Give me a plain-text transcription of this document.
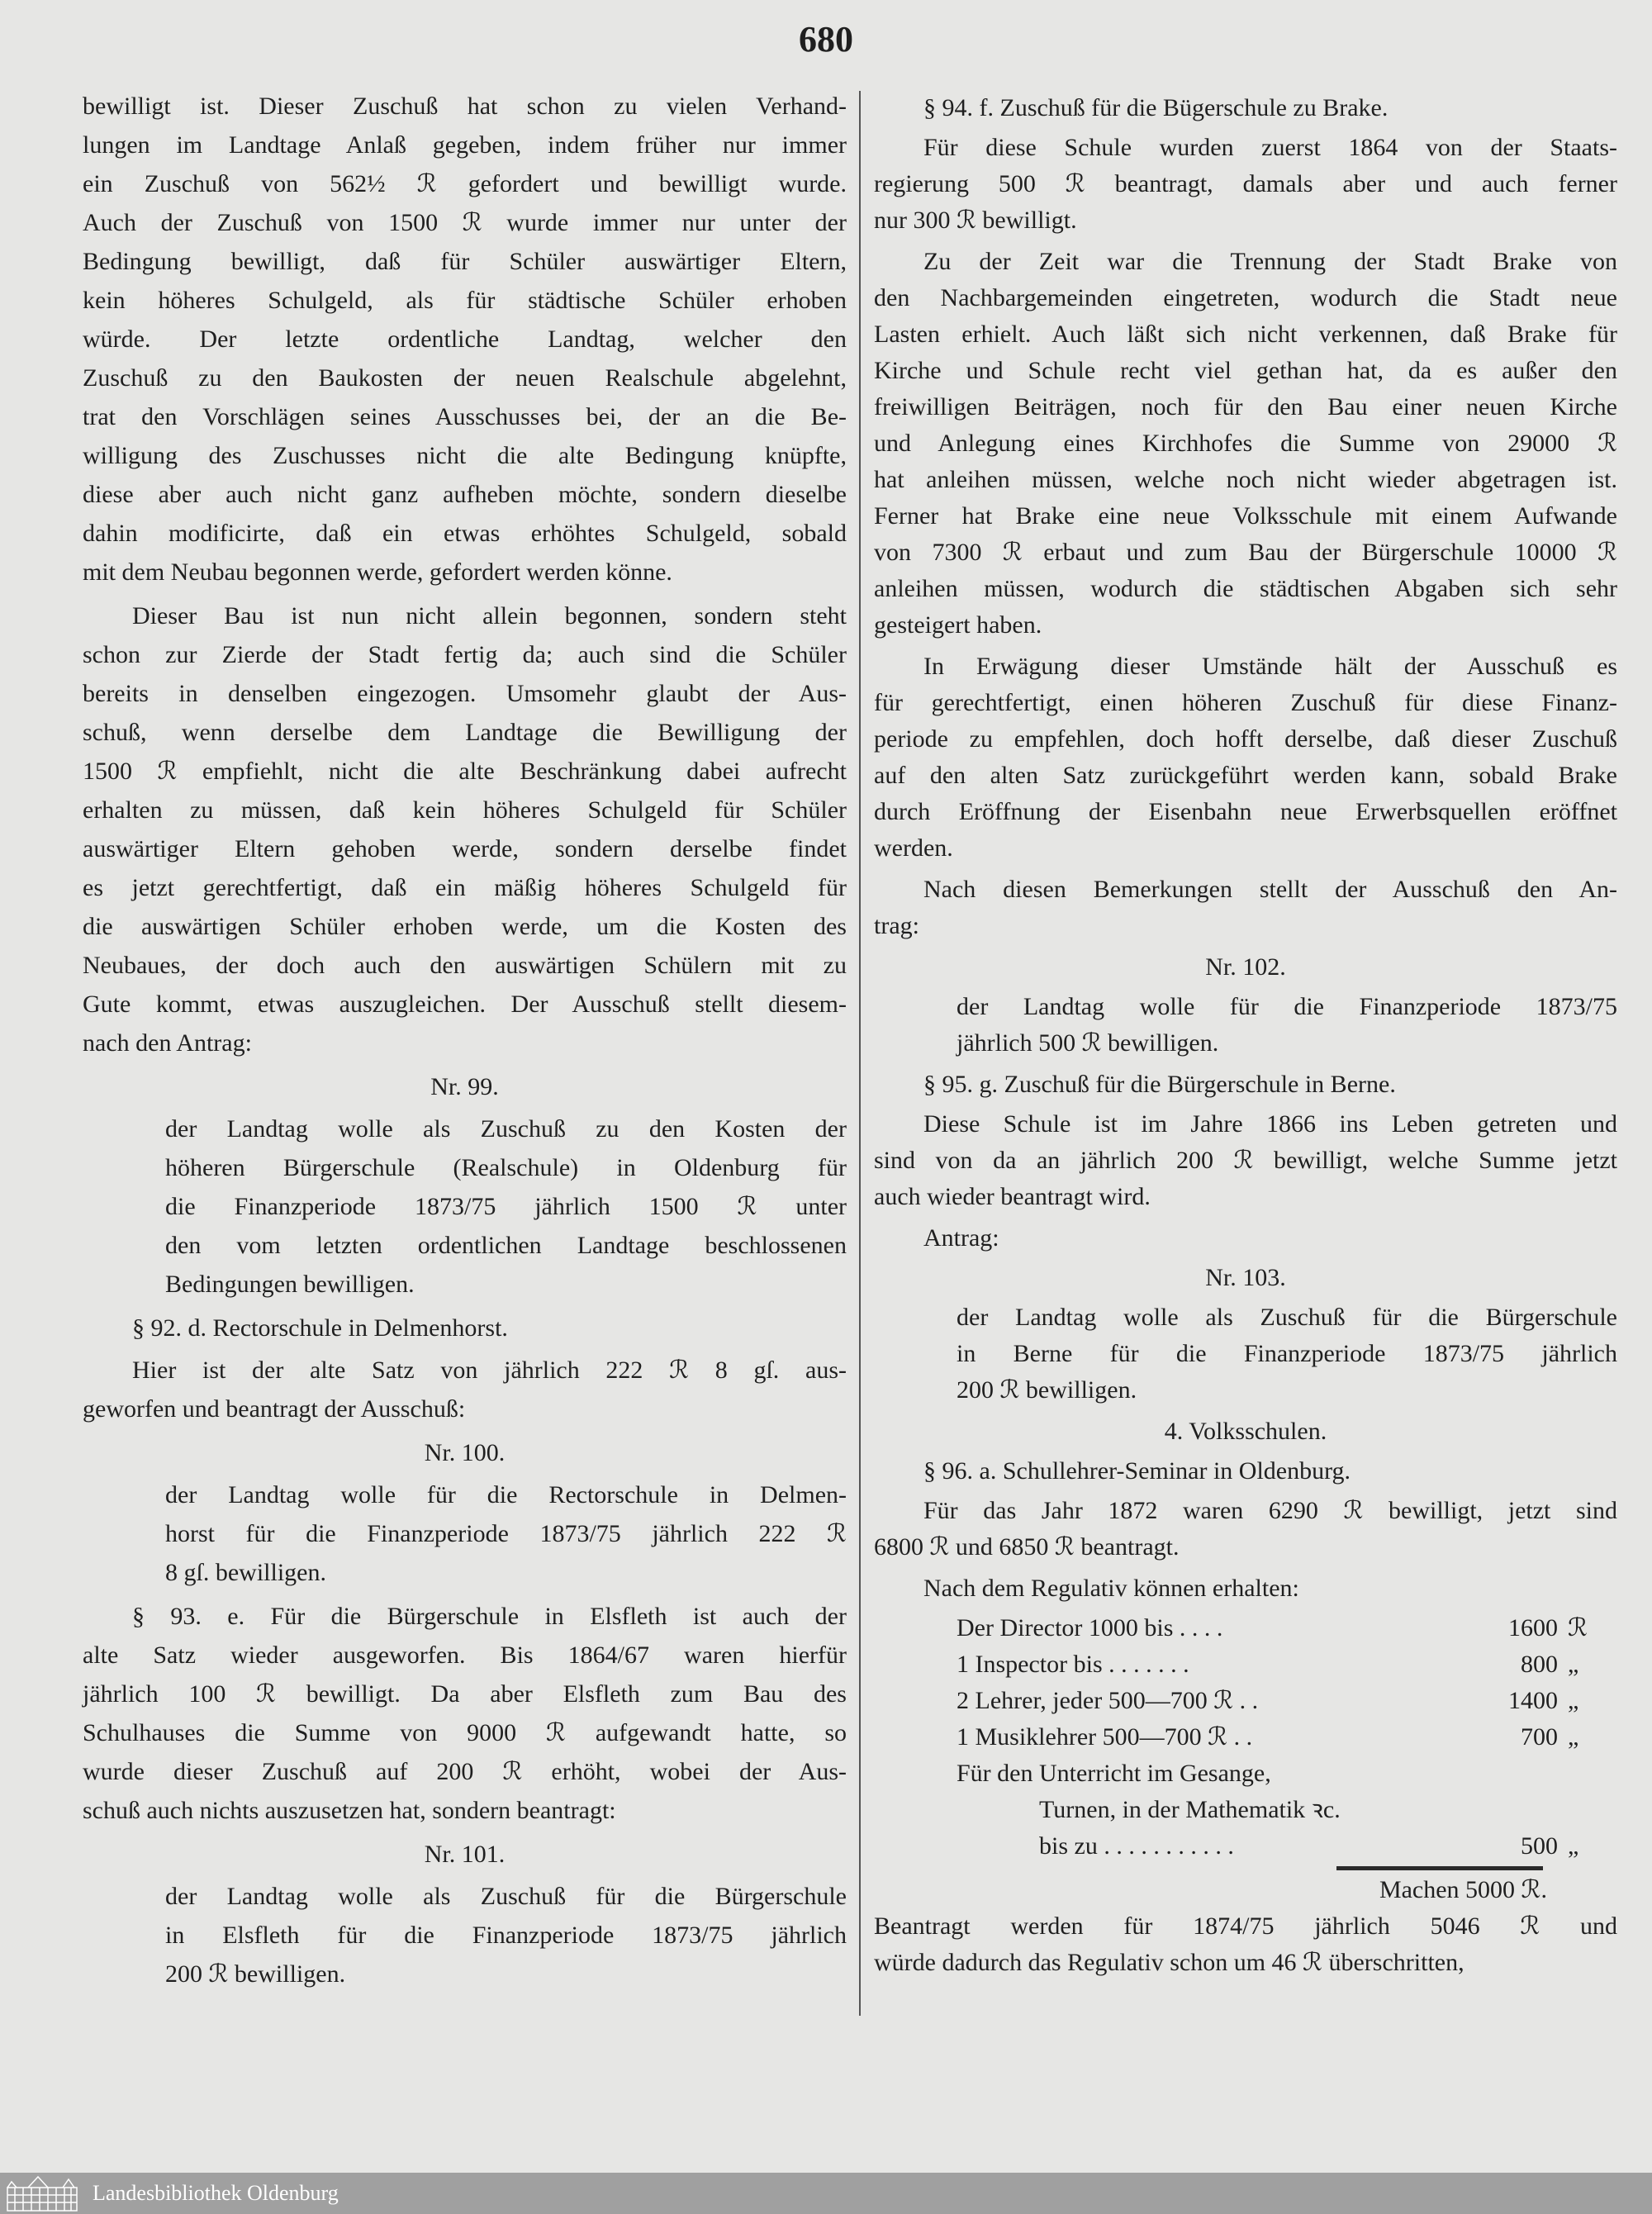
680
bewilligt ist. Dieser Zuschuß hat schon zu vielen Verhand-
lungen im Landtage Anlaß gegeben, indem früher nur immer
ein Zuschuß von 562½ ℛ gefordert und bewilligt wurde.
Auch der Zuschuß von 1500 ℛ wurde immer nur unter der
Bedingung bewilligt, daß für Schüler auswärtiger Eltern,
kein höheres Schulgeld, als für städtische Schüler erhoben
würde. Der letzte ordentliche Landtag, welcher den
Zuschuß zu den Baukosten der neuen Realschule abgelehnt,
trat den Vorschlägen seines Ausschusses bei, der an die Be-
willigung des Zuschusses nicht die alte Bedingung knüpfte,
diese aber auch nicht ganz aufheben möchte, sondern dieselbe
dahin modificirte, daß ein etwas erhöhtes Schulgeld, sobald
mit dem Neubau begonnen werde, gefordert werden könne.
Dieser Bau ist nun nicht allein begonnen, sondern steht
schon zur Zierde der Stadt fertig da; auch sind die Schüler
bereits in denselben eingezogen. Umsomehr glaubt der Aus-
schuß, wenn derselbe dem Landtage die Bewilligung der
1500 ℛ empfiehlt, nicht die alte Beschränkung dabei aufrecht
erhalten zu müssen, daß kein höheres Schulgeld für Schüler
auswärtiger Eltern gehoben werde, sondern derselbe findet
es jetzt gerechtfertigt, daß ein mäßig höheres Schulgeld für
die auswärtigen Schüler erhoben werde, um die Kosten des
Neubaues, der doch auch den auswärtigen Schülern mit zu
Gute kommt, etwas auszugleichen. Der Ausschuß stellt diesem-
nach den Antrag:
Nr. 99.
der Landtag wolle als Zuschuß zu den Kosten der
höheren Bürgerschule (Realschule) in Oldenburg für
die Finanzperiode 1873/75 jährlich 1500 ℛ unter
den vom letzten ordentlichen Landtage beschlossenen
Bedingungen bewilligen.
§ 92. d. Rectorschule in Delmenhorst.
Hier ist der alte Satz von jährlich 222 ℛ 8 gſ. aus-
geworfen und beantragt der Ausschuß:
Nr. 100.
der Landtag wolle für die Rectorschule in Delmen-
horst für die Finanzperiode 1873/75 jährlich 222 ℛ
8 gſ. bewilligen.
§ 93. e. Für die Bürgerschule in Elsfleth ist auch der
alte Satz wieder ausgeworfen. Bis 1864/67 waren hierfür
jährlich 100 ℛ bewilligt. Da aber Elsfleth zum Bau des
Schulhauses die Summe von 9000 ℛ aufgewandt hatte, so
wurde dieser Zuschuß auf 200 ℛ erhöht, wobei der Aus-
schuß auch nichts auszusetzen hat, sondern beantragt:
Nr. 101.
der Landtag wolle als Zuschuß für die Bürgerschule
in Elsfleth für die Finanzperiode 1873/75 jährlich
200 ℛ bewilligen.
§ 94. f. Zuschuß für die Bügerschule zu Brake.
Für diese Schule wurden zuerst 1864 von der Staats-
regierung 500 ℛ beantragt, damals aber und auch ferner
nur 300 ℛ bewilligt.
Zu der Zeit war die Trennung der Stadt Brake von
den Nachbargemeinden eingetreten, wodurch die Stadt neue
Lasten erhielt. Auch läßt sich nicht verkennen, daß Brake für
Kirche und Schule recht viel gethan hat, da es außer den
freiwilligen Beiträgen, noch für den Bau einer neuen Kirche
und Anlegung eines Kirchhofes die Summe von 29000 ℛ
hat anleihen müssen, welche noch nicht wieder abgetragen ist.
Ferner hat Brake eine neue Volksschule mit einem Aufwande
von 7300 ℛ erbaut und zum Bau der Bürgerschule 10000 ℛ
anleihen müssen, wodurch die städtischen Abgaben sich sehr
gesteigert haben.
In Erwägung dieser Umstände hält der Ausschuß es
für gerechtfertigt, einen höheren Zuschuß für diese Finanz-
periode zu empfehlen, doch hofft derselbe, daß dieser Zuschuß
auf den alten Satz zurückgeführt werden kann, sobald Brake
durch Eröffnung der Eisenbahn neue Erwerbsquellen eröffnet
werden.
Nach diesen Bemerkungen stellt der Ausschuß den An-
trag:
Nr. 102.
der Landtag wolle für die Finanzperiode 1873/75
jährlich 500 ℛ bewilligen.
§ 95. g. Zuschuß für die Bürgerschule in Berne.
Diese Schule ist im Jahre 1866 ins Leben getreten und
sind von da an jährlich 200 ℛ bewilligt, welche Summe jetzt
auch wieder beantragt wird.
Antrag:
Nr. 103.
der Landtag wolle als Zuschuß für die Bürgerschule
in Berne für die Finanzperiode 1873/75 jährlich
200 ℛ bewilligen.
4. Volksschulen.
§ 96. a. Schullehrer-Seminar in Oldenburg.
Für das Jahr 1872 waren 6290 ℛ bewilligt, jetzt sind
6800 ℛ und 6850 ℛ beantragt.
Nach dem Regulativ können erhalten:
Der Director 1000 bis . . . .	1600 ℛ
1 Inspector bis . . . . . . .	800 „
2 Lehrer, jeder 500—700 ℛ . .	1400 „
1 Musiklehrer 500—700 ℛ . .	700 „
Für den Unterricht im Gesange,
Turnen, in der Mathematik ꝛc.
bis zu . . . . . . . . . . .	500 „
Machen 5000 ℛ.
Beantragt werden für 1874/75 jährlich 5046 ℛ und
würde dadurch das Regulativ schon um 46 ℛ überschritten,
Landesbibliothek Oldenburg
